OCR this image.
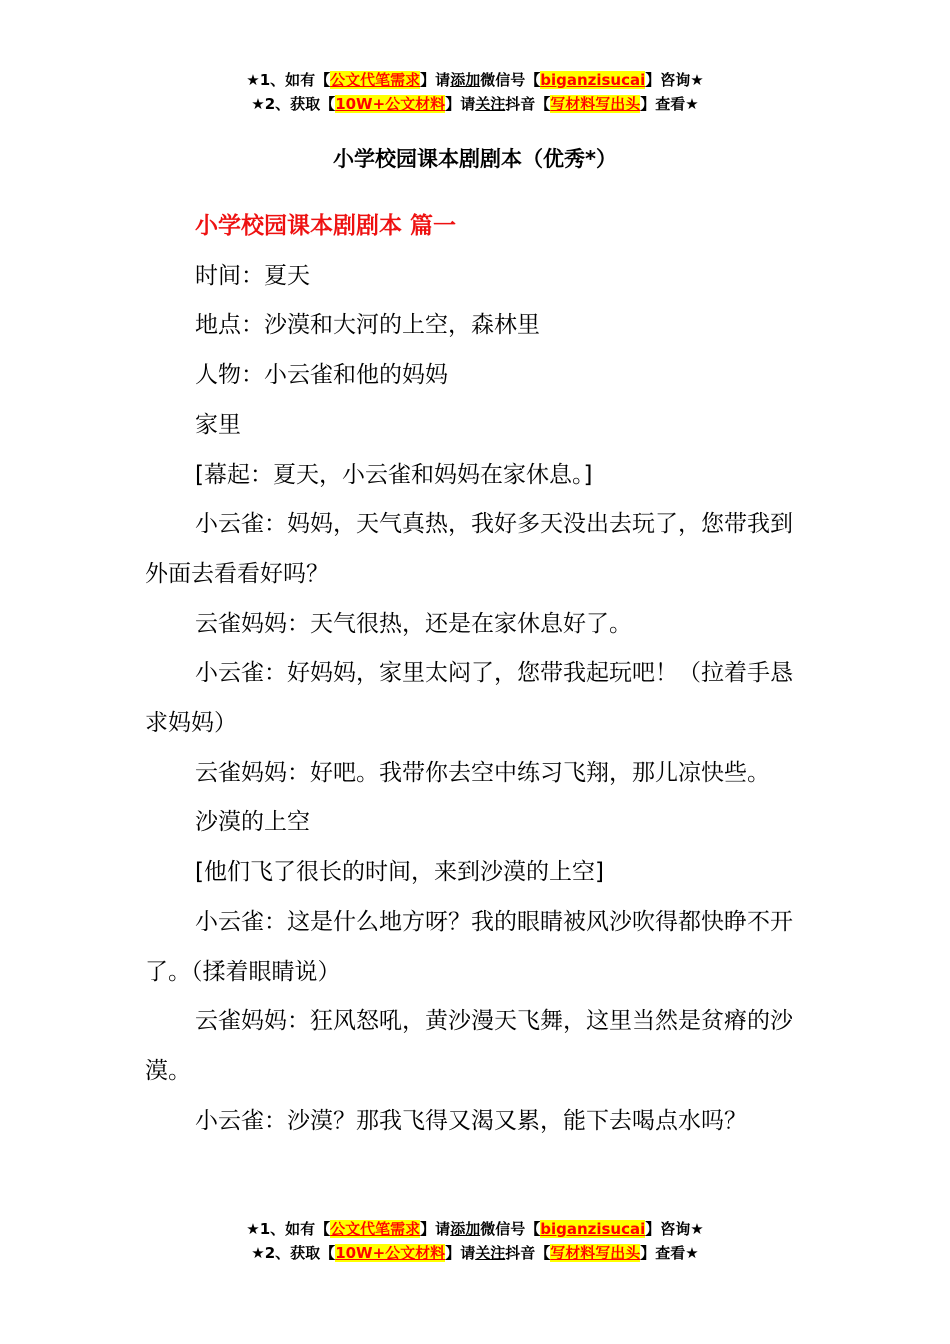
★1、如有【公文代笔需求】请添加微信号【biganzisucai】咨询★
★2、获取【10W+公文材料】请关注抖音【写材料写出头】查看★
小学校园课本剧剧本（优秀*）

小学校园课本剧剧本 篇一

时间：夏天

地点：沙漠和大河的上空，森林里

人物：小云雀和他的妈妈

家里

[幕起：夏天，小云雀和妈妈在家休息。]

小云雀：妈妈，天气真热，我好多天没出去玩了，您带我到外面去看看好吗？

云雀妈妈：天气很热，还是在家休息好了。

小云雀：好妈妈，家里太闷了，您带我起玩吧！（拉着手恳求妈妈）

云雀妈妈：好吧。我带你去空中练习飞翔，那儿凉快些。

沙漠的上空

[他们飞了很长的时间，来到沙漠的上空]

小云雀：这是什么地方呀？我的眼睛被风沙吹得都快睁不开了。（揉着眼睛说）

云雀妈妈：狂风怒吼，黄沙漫天飞舞，这里当然是贫瘠的沙漠。

小云雀：沙漠？那我飞得又渴又累，能下去喝点水吗？

★1、如有【公文代笔需求】请添加微信号【biganzisucai】咨询★
★2、获取【10W+公文材料】请关注抖音【写材料写出头】查看★
